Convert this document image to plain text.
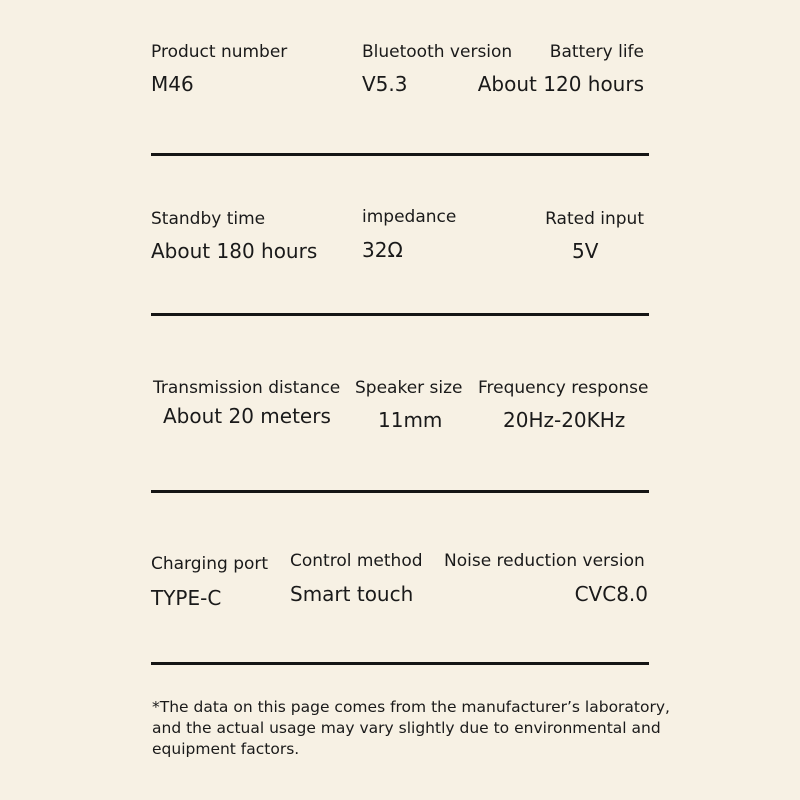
Product number
M46
Bluetooth version
V5.3
Battery life
About 120 hours
Standby time
About 180 hours
impedance
32Ω
Rated input
5V
Transmission distance
About 20 meters
Speaker size
11mm
Frequency response
20Hz-20KHz
Charging port
TYPE-C
Control method
Smart touch
Noise reduction version
CVC8.0
*The data on this page comes from the manufacturer’s laboratory, and the actual usage may vary slightly due to environmental and equipment factors.
